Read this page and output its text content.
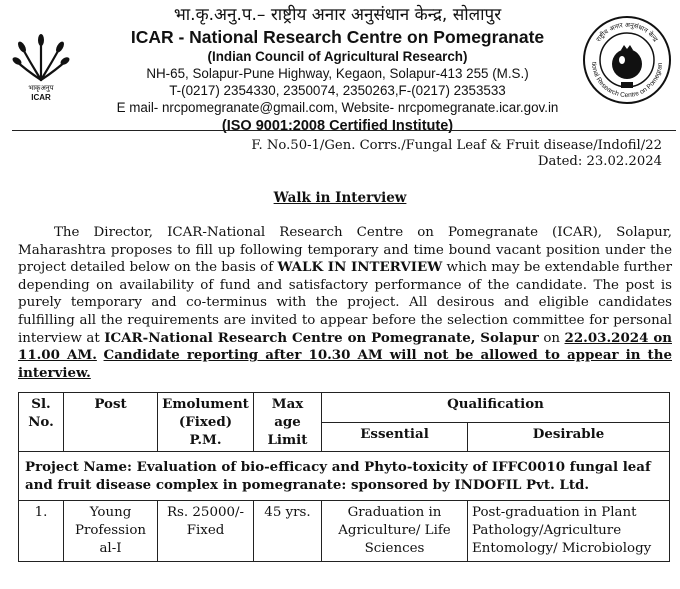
भाकृअनुप
ICAR
भा.कृ.अनु.प.– राष्ट्रीय अनार अनुसंधान केन्द्र, सोलापुर
ICAR - National Research Centre on Pomegranate
(Indian Council of Agricultural Research)
NH-65, Solapur-Pune Highway, Kegaon, Solapur-413 255 (M.S.)
T-(0217) 2354330, 2350074, 2350263,F-(0217) 2353533
E mail- nrcpomegranate@gmail.com, Website- nrcpomegranate.icar.gov.in
(ISO 9001:2008 Certified Institute)
राष्ट्रीय अनार अनुसंधान केन्द्र
tional Research Centre on Pomegran
F. No.50-1/Gen. Corrs./Fungal Leaf & Fruit disease/Indofil/22
Dated: 23.02.2024
Walk in Interview
The Director, ICAR-National Research Centre on Pomegranate (ICAR), Solapur, Maharashtra proposes to fill up following temporary and time bound vacant position under the project detailed below on the basis of WALK IN INTERVIEW which may be extendable further depending on availability of fund and satisfactory performance of the candidate. The post is purely temporary and co-terminus with the project. All desirous and eligible candidates fulfilling all the requirements are invited to appear before the selection committee for personal interview at ICAR-National Research Centre on Pomegranate, Solapur on 22.03.2024 on 11.00 AM. Candidate reporting after 10.30 AM will not be allowed to appear in the interview.
Sl. No.	Post	Emolument (Fixed) P.M.	Max age Limit	Qualification	
				Essential	Desirable
Project Name: Evaluation of bio-efficacy and Phyto-toxicity of IFFC0010 fungal leaf and fruit disease complex in pomegranate: sponsored by INDOFIL Pvt. Ltd.					
1.	Young Profession al-I	Rs. 25000/- Fixed	45 yrs.	Graduation in Agriculture/ Life Sciences	Post-graduation in Plant Pathology/Agriculture Entomology/ Microbiology
